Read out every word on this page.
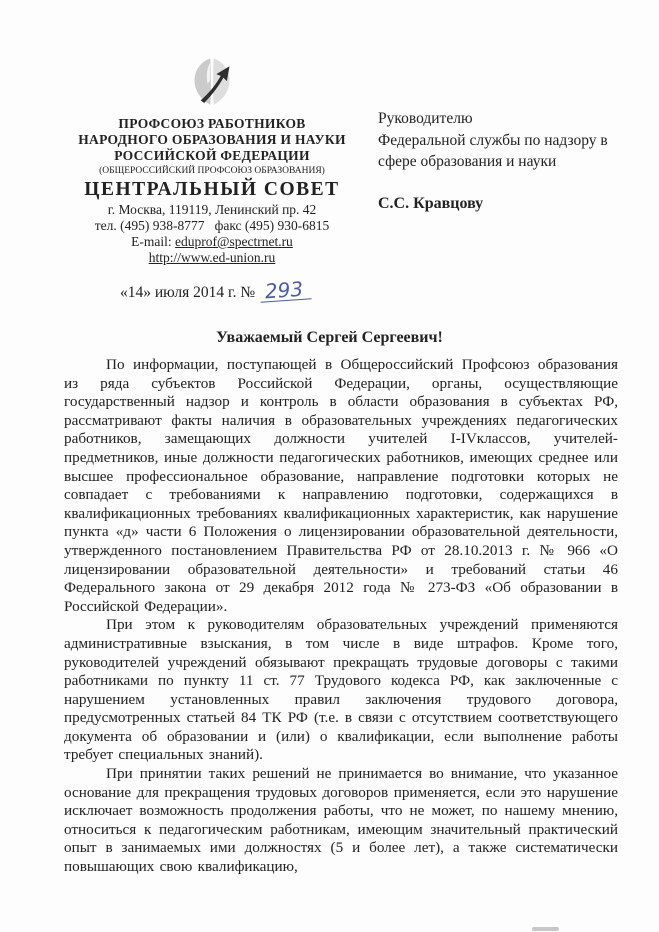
ПРОФСОЮЗ РАБОТНИКОВ
НАРОДНОГО ОБРАЗОВАНИЯ И НАУКИ
РОССИЙСКОЙ ФЕДЕРАЦИИ
(ОБЩЕРОССИЙСКИЙ ПРОФСОЮЗ ОБРАЗОВАНИЯ)
ЦЕНТРАЛЬНЫЙ СОВЕТ
г. Москва, 119119, Ленинский пр. 42
тел. (495) 938-8777   факс (495) 930-6815
E-mail: eduprof@spectrnet.ru
http://www.ed-union.ru
Руководителю
Федеральной службы по надзору в
сфере образования и науки
С.С. Кравцову
«14» июля 2014 г. № 293
Уважаемый Сергей Сергеевич!

По информации, поступающей в Общероссийский Профсоюз образования из ряда субъектов Российской Федерации, органы, осуществляющие государственный надзор и контроль в области образования в субъектах РФ, рассматривают факты наличия в образовательных учреждениях педагогических работников, замещающих должности учителей I-IVклассов, учителей-предметников, иные должности педагогических работников, имеющих среднее или высшее профессиональное образование, направление подготовки которых не совпадает с требованиями к направлению подготовки, содержащихся в квалификационных требованиях квалификационных характеристик, как нарушение пункта «д» части 6 Положения о лицензировании образовательной деятельности, утвержденного постановлением Правительства РФ от 28.10.2013 г. № 966 «О лицензировании образовательной деятельности» и требований статьи 46 Федерального закона от 29 декабря 2012 года № 273-ФЗ «Об образовании в Российской Федерации».

При этом к руководителям образовательных учреждений применяются административные взыскания, в том числе в виде штрафов. Кроме того, руководителей учреждений обязывают прекращать трудовые договоры с такими работниками по пункту 11 ст. 77 Трудового кодекса РФ, как заключенные с нарушением установленных правил заключения трудового договора, предусмотренных статьей 84 ТК РФ (т.е. в связи с отсутствием соответствующего документа об образовании и (или) о квалификации, если выполнение работы требует специальных знаний).

При принятии таких решений не принимается во внимание, что указанное основание для прекращения трудовых договоров применяется, если это нарушение исключает возможность продолжения работы, что не может, по нашему мнению, относиться к педагогическим работникам, имеющим значительный практический опыт в занимаемых ими должностях (5 и более лет), а также систематически повышающих свою квалификацию,
